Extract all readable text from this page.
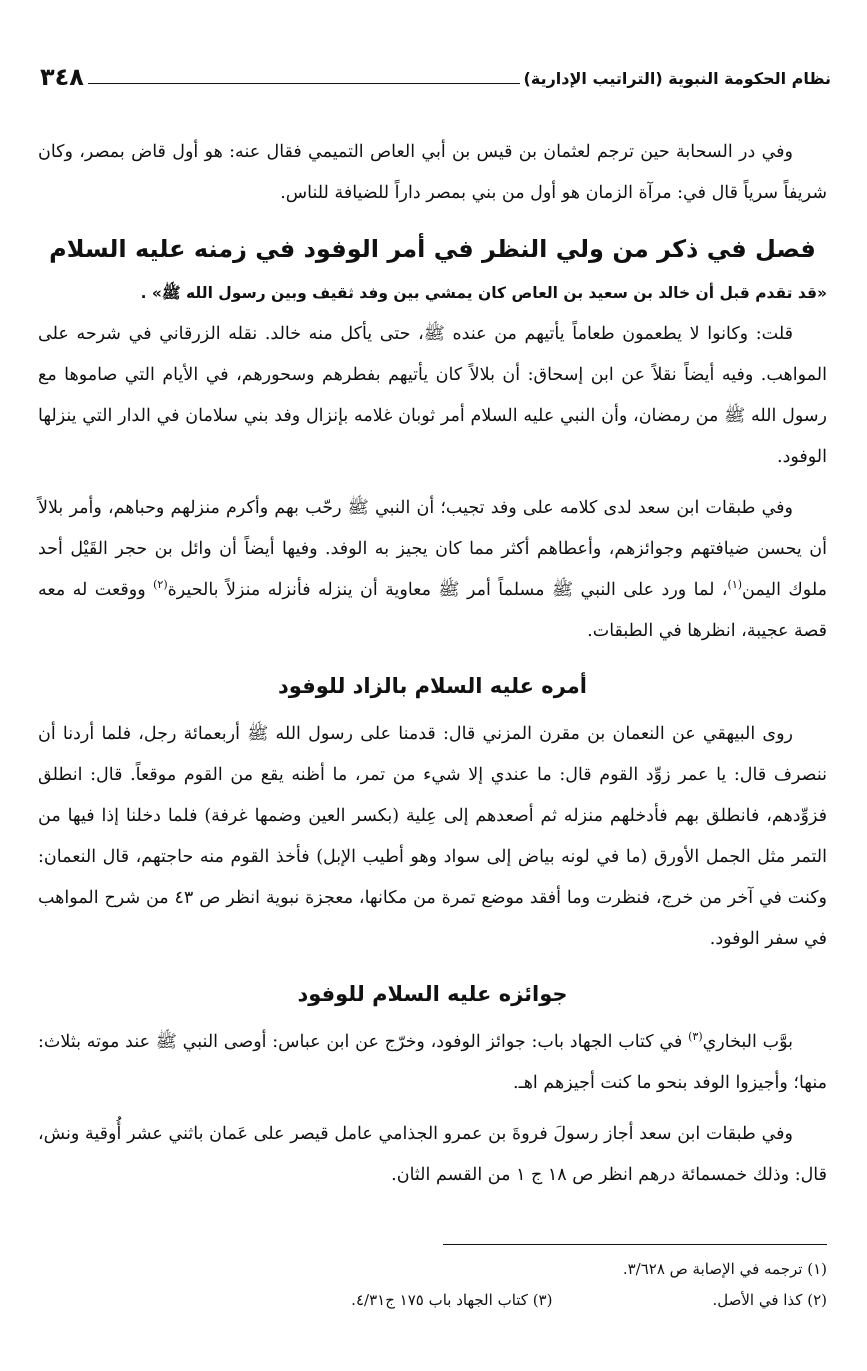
نظام الحكومة النبوية (التراتيب الإدارية)
٣٤٨

وفي در السحابة حين ترجم لعثمان بن قيس بن أبي العاص التميمي فقال عنه: هو أول قاض بمصر، وكان شريفاً سرياً قال في: مرآة الزمان هو أول من بني بمصر داراً للضيافة للناس.

فصل في ذكر من ولي النظر في أمر الوفود في زمنه عليه السلام

«قد تقدم قبل أن خالد بن سعيد بن العاص كان يمشي بين وفد ثقيف وبين رسول الله ﷺ» .

قلت: وكانوا لا يطعمون طعاماً يأتيهم من عنده ﷺ، حتى يأكل منه خالد. نقله الزرقاني في شرحه على المواهب. وفيه أيضاً نقلاً عن ابن إسحاق: أن بلالاً كان يأتيهم بفطرهم وسحورهم، في الأيام التي صاموها مع رسول الله ﷺ من رمضان، وأن النبي عليه السلام أمر ثوبان غلامه بإنزال وفد بني سلامان في الدار التي ينزلها الوفود.

وفي طبقات ابن سعد لدى كلامه على وفد تجيب؛ أن النبي ﷺ رحّب بهم وأكرم منزلهم وحباهم، وأمر بلالاً أن يحسن ضيافتهم وجوائزهم، وأعطاهم أكثر مما كان يجيز به الوفد. وفيها أيضاً أن وائل بن حجر القَيْل أحد ملوك اليمن$^{(١)}$، لما ورد على النبي ﷺ مسلماً أمر ﷺ معاوية أن ينزله فأنزله منزلاً بالحيرة$^{(٢)}$ ووقعت له معه قصة عجيبة، انظرها في الطبقات.

أمره عليه السلام بالزاد للوفود

روى البيهقي عن النعمان بن مقرن المزني قال: قدمنا على رسول الله ﷺ أربعمائة رجل، فلما أردنا أن ننصرف قال: يا عمر زوِّد القوم قال: ما عندي إلا شيء من تمر، ما أظنه يقع من القوم موقعاً. قال: انطلق فزوِّدهم، فانطلق بهم فأدخلهم منزله ثم أصعدهم إلى عِلية (بكسر العين وضمها غرفة) فلما دخلنا إذا فيها من التمر مثل الجمل الأورق (ما في لونه بياض إلى سواد وهو أطيب الإبل) فأخذ القوم منه حاجتهم، قال النعمان: وكنت في آخر من خرج، فنظرت وما أفقد موضع تمرة من مكانها، معجزة نبوية انظر ص ٤٣ من شرح المواهب في سفر الوفود.

جوائزه عليه السلام للوفود

بوَّب البخاري$^{(٣)}$ في كتاب الجهاد باب: جوائز الوفود، وخرّج عن ابن عباس: أوصى النبي ﷺ عند موته بثلاث: منها؛ وأجيزوا الوفد بنحو ما كنت أجيزهم اهـ.

وفي طبقات ابن سعد أجاز رسولَ فروةَ بن عمرو الجذامي عامل قيصر على عَمان باثني عشر أُوقية ونش، قال: وذلك خمسمائة درهم انظر ص ١٨ ج ١ من القسم الثان.

(١) ترجمه في الإصابة ص ٣/٦٢٨.
(٢) كذا في الأصل.
(٣) كتاب الجهاد باب ١٧٥ ج٤/٣١.
